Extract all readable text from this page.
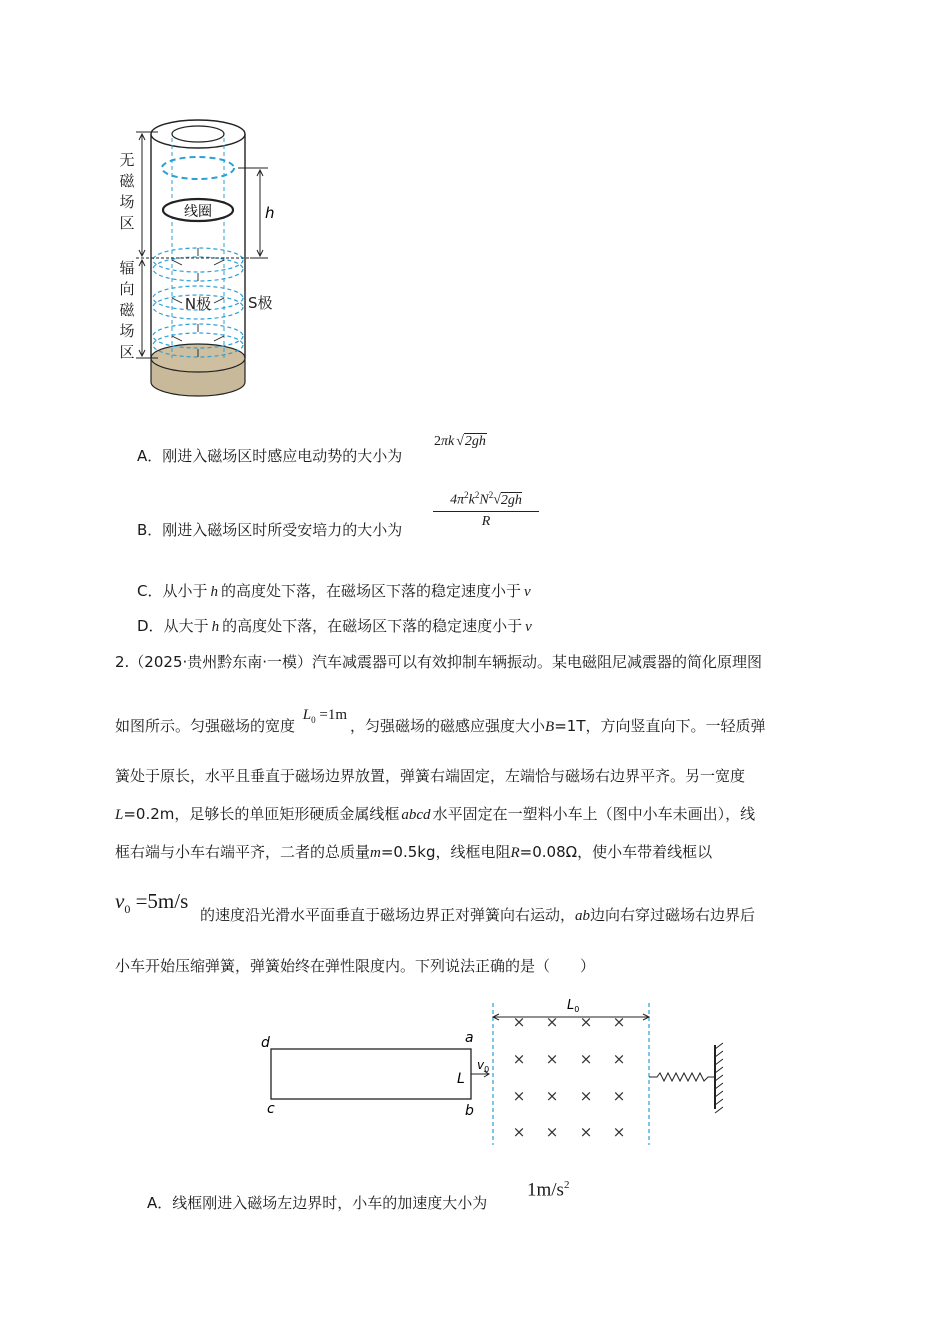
线圈
N极
h
S极
无磁场区
辐向磁场区
A．刚进入磁场区时感应电动势的大小为
2πk √2gh
B．刚进入磁场区时所受安培力的大小为
$\frac{4\pi^2k^2N^2√2gh}{R}$
C．从小于 h 的高度处下落，在磁场区下落的稳定速度小于 v
D．从大于 h 的高度处下落，在磁场区下落的稳定速度小于 v
2.（2025·贵州黔东南·一模）汽车减震器可以有效抑制车辆振动。某电磁阻尼减震器的简化原理图
如图所示。匀强磁场的宽度 $L_0 =1m$，匀强磁场的磁感应强度大小B=1T，方向竖直向下。一轻质弹
簧处于原长，水平且垂直于磁场边界放置，弹簧右端固定，左端恰与磁场右边界平齐。另一宽度
L=0.2m，足够长的单匝矩形硬质金属线框 abcd 水平固定在一塑料小车上（图中小车未画出），线
框右端与小车右端平齐，二者的总质量m=0.5kg，线框电阻R=0.08Ω，使小车带着线框以
$v_0 =5m/s$
的速度沿光滑水平面垂直于磁场边界正对弹簧向右运动，ab边向右穿过磁场右边界后
小车开始压缩弹簧，弹簧始终在弹性限度内。下列说法正确的是（　　）
d	a
c	b
L
$v_0$
$L_0$
× × × ×
× × × ×
× × × ×
× × × ×
A．线框刚进入磁场左边界时，小车的加速度大小为
$1m/s^2$
